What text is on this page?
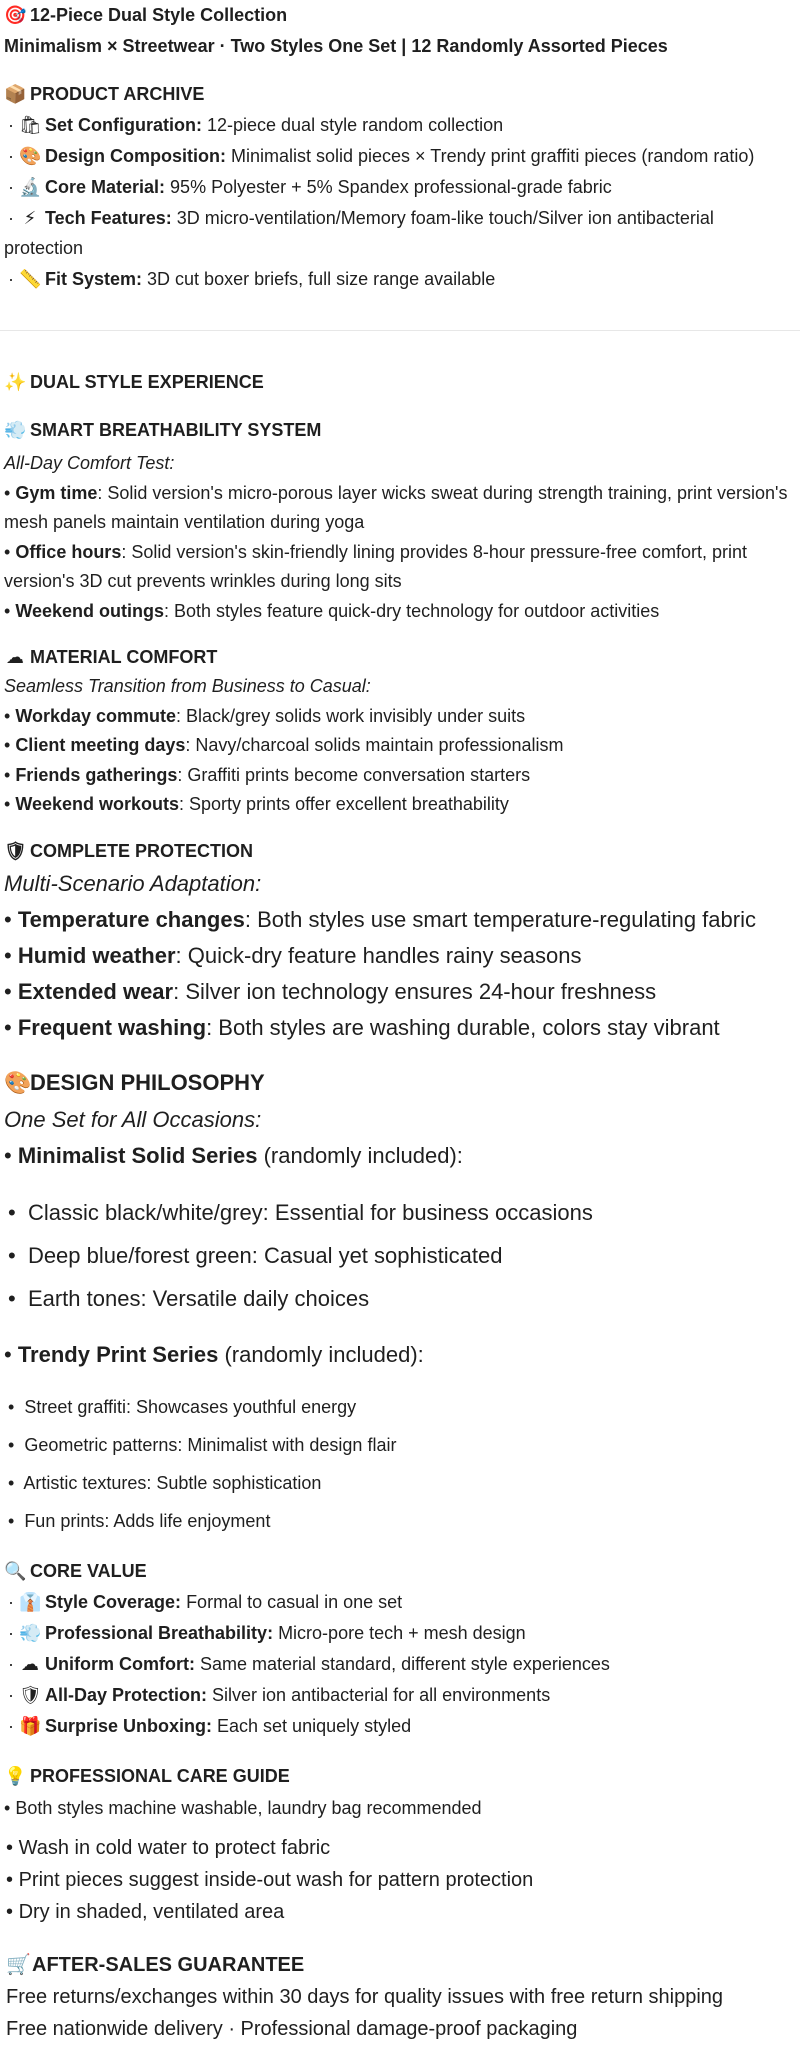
🎯 12-Piece Dual Style Collection
Minimalism × Streetwear · Two Styles One Set | 12 Randomly Assorted Pieces
📦 PRODUCT ARCHIVE
· 🛍 Set Configuration: 12-piece dual style random collection
· 🎨 Design Composition: Minimalist solid pieces × Trendy print graffiti pieces (random ratio)
· 🔬 Core Material: 95% Polyester + 5% Spandex professional-grade fabric
· ⚡ Tech Features: 3D micro-ventilation/Memory foam-like touch/Silver ion antibacterial
protection
· 📏 Fit System: 3D cut boxer briefs, full size range available
✨ DUAL STYLE EXPERIENCE
💨 SMART BREATHABILITY SYSTEM
All-Day Comfort Test:
• Gym time: Solid version's micro-porous layer wicks sweat during strength training, print version's
mesh panels maintain ventilation during yoga
• Office hours: Solid version's skin-friendly lining provides 8-hour pressure-free comfort, print
version's 3D cut prevents wrinkles during long sits
• Weekend outings: Both styles feature quick-dry technology for outdoor activities
☁ MATERIAL COMFORT
Seamless Transition from Business to Casual:
• Workday commute: Black/grey solids work invisibly under suits
• Client meeting days: Navy/charcoal solids maintain professionalism
• Friends gatherings: Graffiti prints become conversation starters
• Weekend workouts: Sporty prints offer excellent breathability
🛡 COMPLETE PROTECTION
Multi-Scenario Adaptation:
• Temperature changes: Both styles use smart temperature-regulating fabric
• Humid weather: Quick-dry feature handles rainy seasons
• Extended wear: Silver ion technology ensures 24-hour freshness
• Frequent washing: Both styles are washing durable, colors stay vibrant
🎨DESIGN PHILOSOPHY
One Set for All Occasions:
• Minimalist Solid Series (randomly included):
•  Classic black/white/grey: Essential for business occasions
•  Deep blue/forest green: Casual yet sophisticated
•  Earth tones: Versatile daily choices
• Trendy Print Series (randomly included):
•  Street graffiti: Showcases youthful energy
•  Geometric patterns: Minimalist with design flair
•  Artistic textures: Subtle sophistication
•  Fun prints: Adds life enjoyment
🔍 CORE VALUE
· 👔 Style Coverage: Formal to casual in one set
· 💨 Professional Breathability: Micro-pore tech + mesh design
· ☁ Uniform Comfort: Same material standard, different style experiences
· 🛡 All-Day Protection: Silver ion antibacterial for all environments
· 🎁 Surprise Unboxing: Each set uniquely styled
💡 PROFESSIONAL CARE GUIDE
• Both styles machine washable, laundry bag recommended
• Wash in cold water to protect fabric
• Print pieces suggest inside-out wash for pattern protection
• Dry in shaded, ventilated area
🛒AFTER-SALES GUARANTEE
Free returns/exchanges within 30 days for quality issues with free return shipping
Free nationwide delivery · Professional damage-proof packaging
